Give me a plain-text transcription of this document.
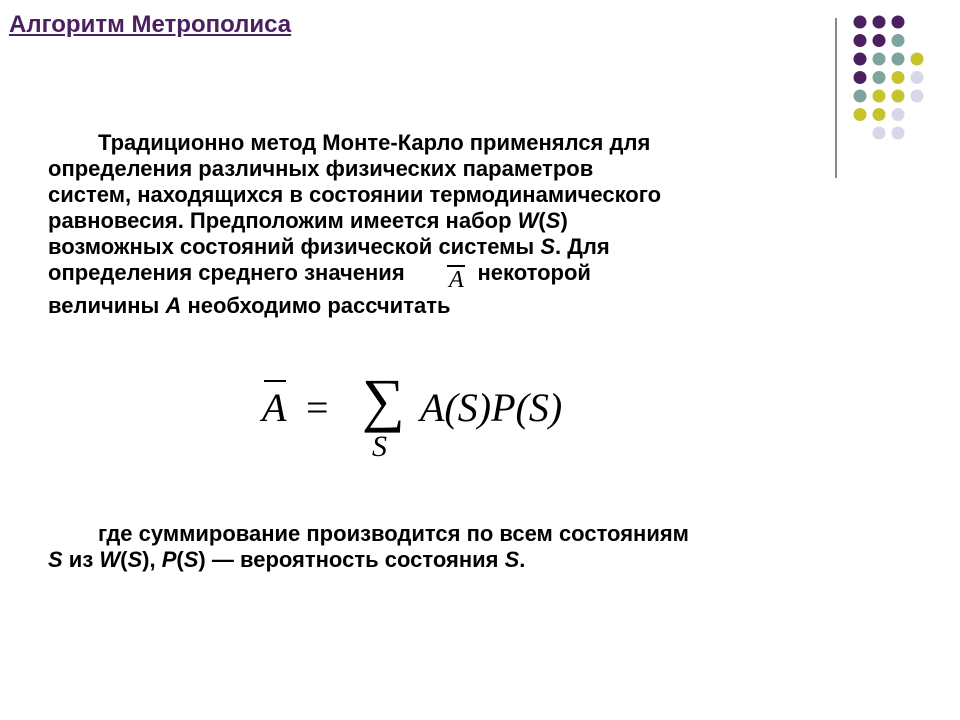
Алгоритм Метрополиса
Традиционно метод Монте-Карло применялся для
определения различных физических параметров
систем, находящихся в состоянии термодинамического
равновесия. Предположим имеется набор W(S)
возможных состояний физической системы S. Для
определения среднего значения A некоторой
величины A необходимо рассчитать
A = ∑
S
A(S)P(S)
где суммирование производится по всем состояниям
S из W(S), P(S) — вероятность состояния S.
